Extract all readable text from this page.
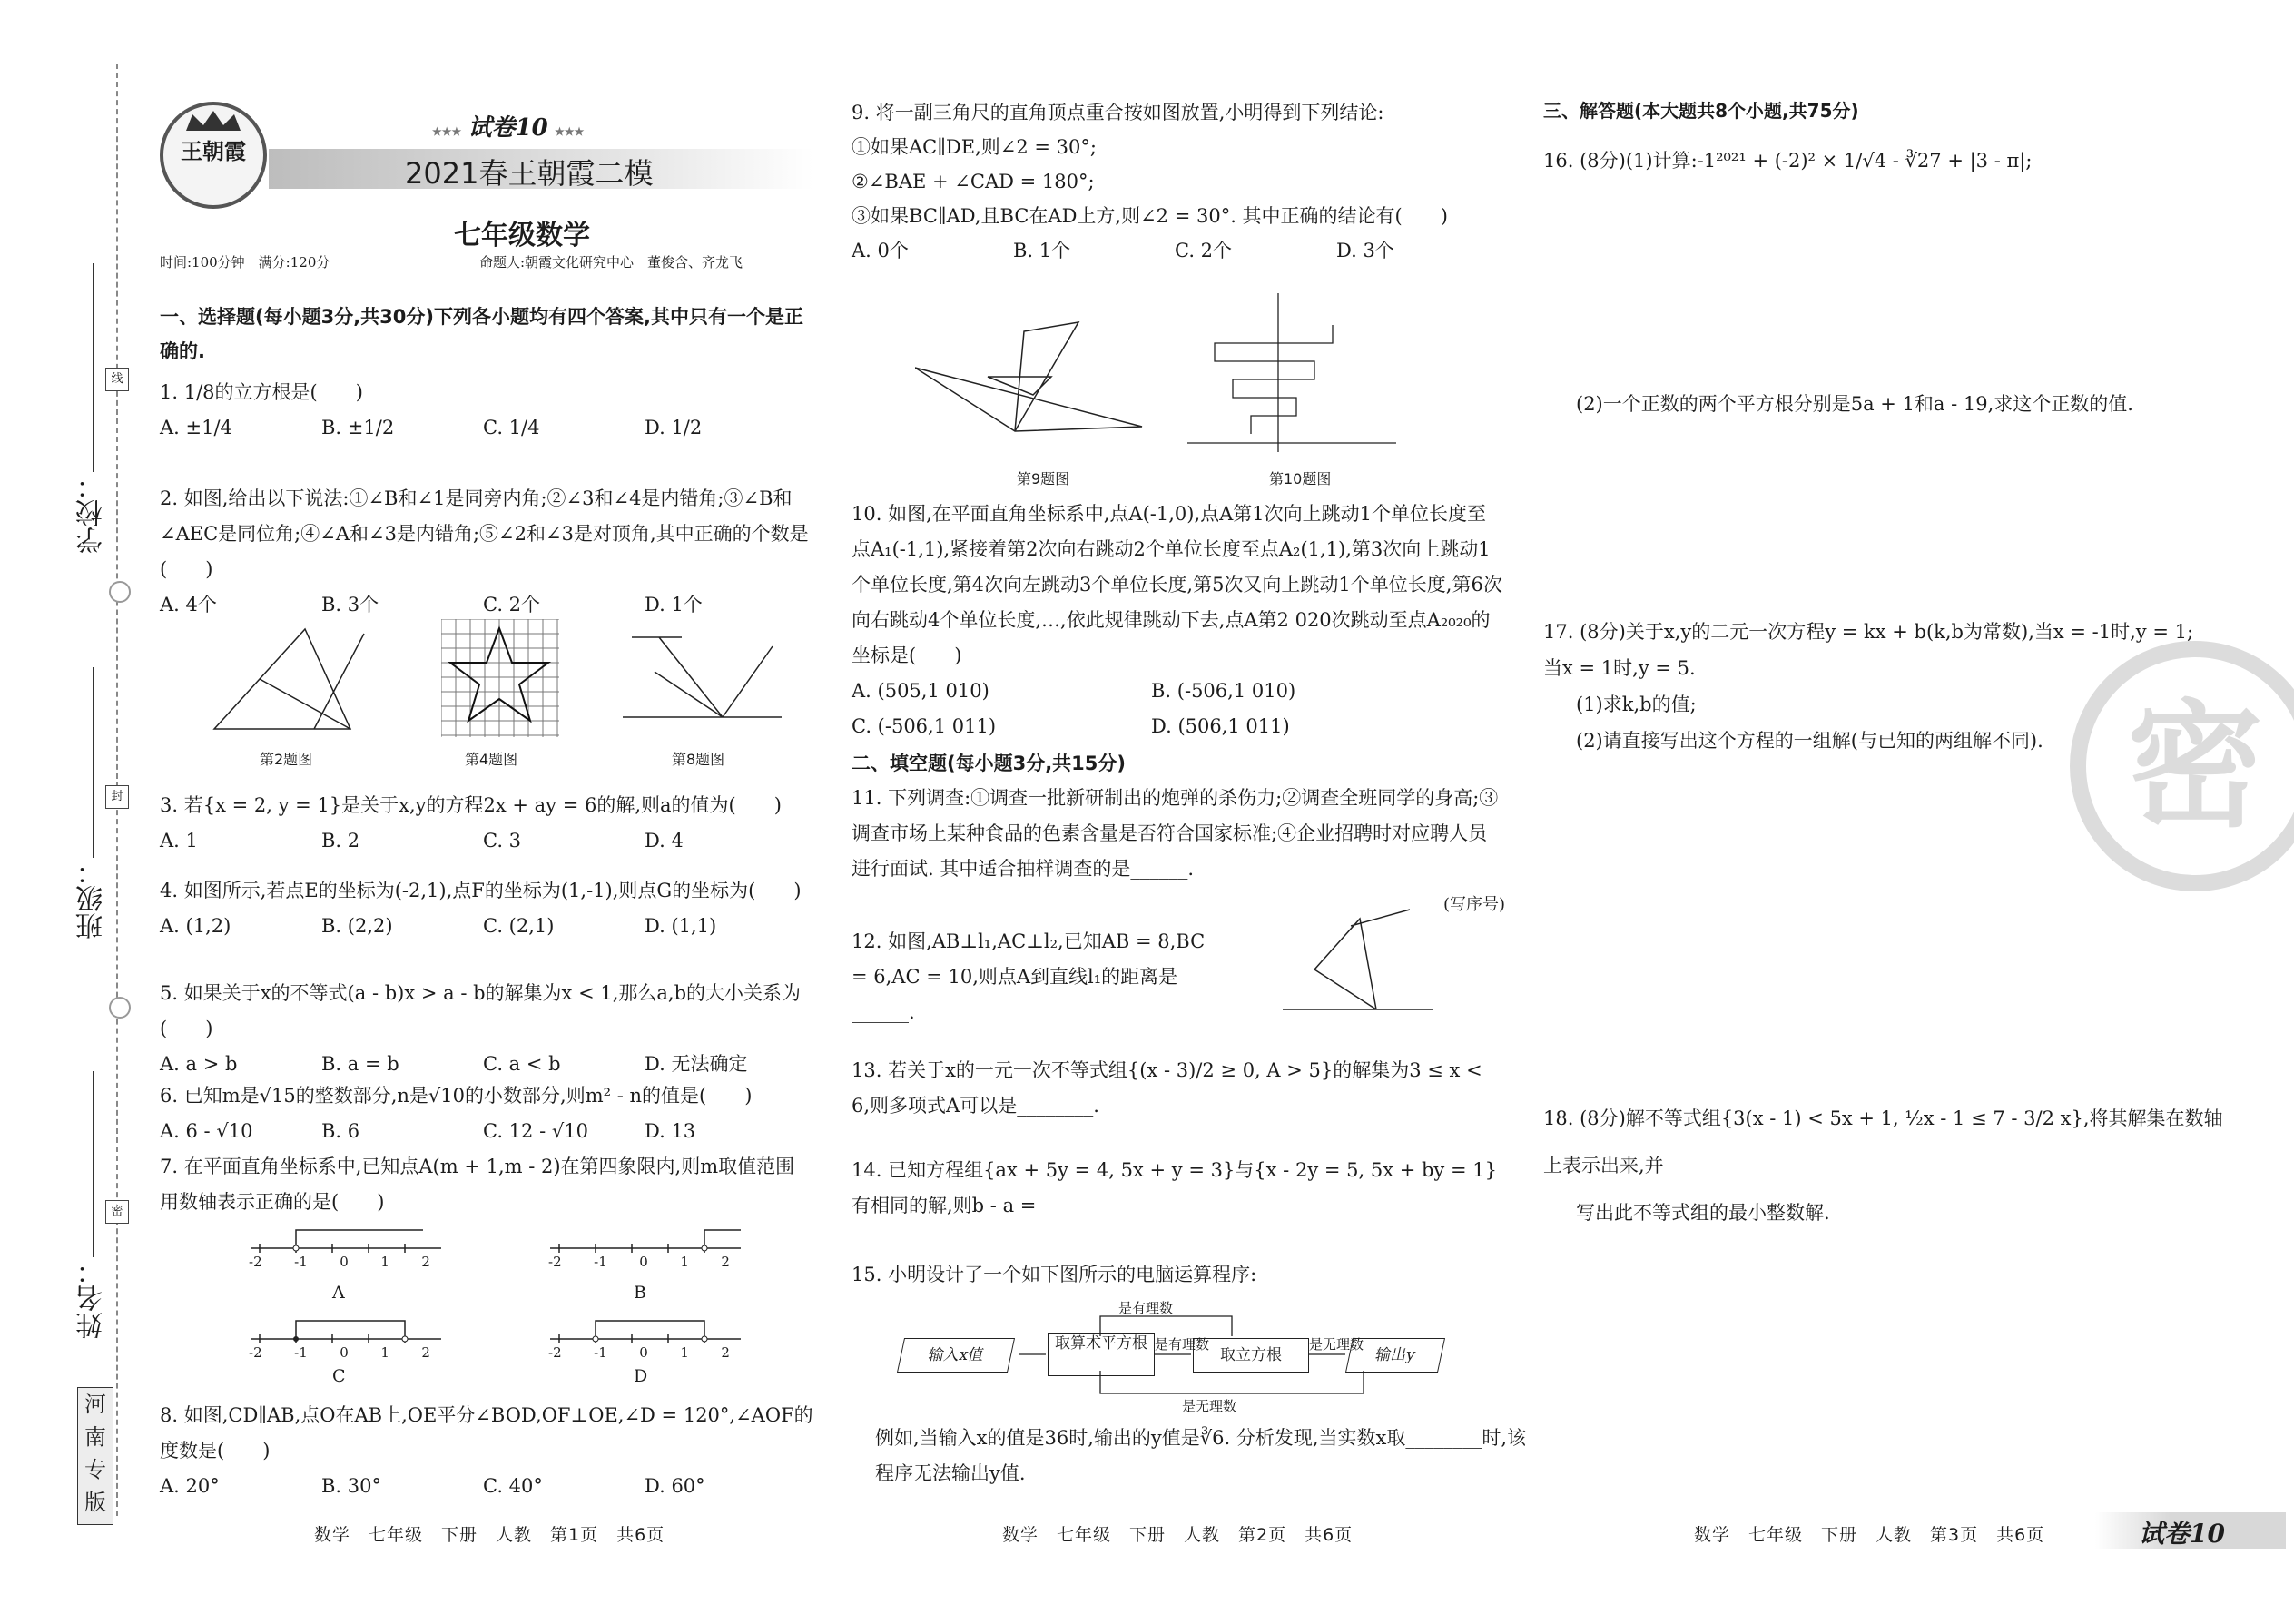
学校：
班级：
姓名：
线
封
密
河
南
专
版
王朝霞
★★★ 试卷10 ★★★
2021春王朝霞二模
七年级数学
时间:100分钟　满分:120分	命题人:朝霞文化研究中心　董俊含、齐龙飞
一、选择题(每小题3分,共30分)下列各小题均有四个答案,其中只有一个是正确的.
1. 1/8的立方根是(　　)
A. ±1/4	B. ±1/2	C. 1/4	D. 1/2
2. 如图,给出以下说法:①∠B和∠1是同旁内角;②∠3和∠4是内错角;③∠B和∠AEC是同位角;④∠A和∠3是内错角;⑤∠2和∠3是对顶角,其中正确的个数是(　　)
A. 4个	B. 3个	C. 2个	D. 1个
第2题图	第4题图	第8题图
3. 若{x = 2, y = 1}是关于x,y的方程2x + ay = 6的解,则a的值为(　　)
A. 1	B. 2	C. 3	D. 4
4. 如图所示,若点E的坐标为(-2,1),点F的坐标为(1,-1),则点G的坐标为(　　)
A. (1,2)	B. (2,2)	C. (2,1)	D. (1,1)
5. 如果关于x的不等式(a - b)x > a - b的解集为x < 1,那么a,b的大小关系为(　　)
A. a > b	B. a = b	C. a < b	D. 无法确定
6. 已知m是√15的整数部分,n是√10的小数部分,则m² - n的值是(　　)
A. 6 - √10	B. 6	C. 12 - √10	D. 13
7. 在平面直角坐标系中,已知点A(m + 1,m - 2)在第四象限内,则m取值范围用数轴表示正确的是(　　)
-2 -1 0 1 2
A
-2 -1 0 1 2
B
-2 -1 0 1 2
C
-2 -1 0 1 2
D
8. 如图,CD∥AB,点O在AB上,OE平分∠BOD,OF⊥OE,∠D = 120°,∠AOF的度数是(　　)
A. 20°	B. 30°	C. 40°	D. 60°
数学　七年级　下册　人教　第1页　共6页
9. 将一副三角尺的直角顶点重合按如图放置,小明得到下列结论:
①如果AC∥DE,则∠2 = 30°;
②∠BAE + ∠CAD = 180°;
③如果BC∥AD,且BC在AD上方,则∠2 = 30°. 其中正确的结论有(　　)
A. 0个	B. 1个	C. 2个	D. 3个
第9题图	第10题图
10. 如图,在平面直角坐标系中,点A(-1,0),点A第1次向上跳动1个单位长度至点A₁(-1,1),紧接着第2次向右跳动2个单位长度至点A₂(1,1),第3次向上跳动1个单位长度,第4次向左跳动3个单位长度,第5次又向上跳动1个单位长度,第6次向右跳动4个单位长度,…,依此规律跳动下去,点A第2 020次跳动至点A₂₀₂₀的坐标是(　　)
A. (505,1 010)	B. (-506,1 010)
C. (-506,1 011)	D. (506,1 011)
二、填空题(每小题3分,共15分)
11. 下列调查:①调查一批新研制出的炮弹的杀伤力;②调查全班同学的身高;③调查市场上某种食品的色素含量是否符合国家标准;④企业招聘时对应聘人员进行面试. 其中适合抽样调查的是______.
(写序号)
12. 如图,AB⊥l₁,AC⊥l₂,已知AB = 8,BC = 6,AC = 10,则点A到直线l₁的距离是______.
13. 若关于x的一元一次不等式组{(x - 3)/2 ≥ 0, A > 5}的解集为3 ≤ x < 6,则多项式A可以是________.
14. 已知方程组{ax + 5y = 4, 5x + y = 3}与{x - 2y = 5, 5x + by = 1}有相同的解,则b - a = ______
15. 小明设计了一个如下图所示的电脑运算程序:
输入x值
取算术平方根
取立方根	输出y
是有理数
是有理数	是无理数
是无理数
例如,当输入x的值是36时,输出的y值是∛6. 分析发现,当实数x取________时,该程序无法输出y值.
数学　七年级　下册　人教　第2页　共6页
三、解答题(本大题共8个小题,共75分)
16. (8分)(1)计算:-1²⁰²¹ + (-2)² × 1/√4 - ∛27 + |3 - π|;
(2)一个正数的两个平方根分别是5a + 1和a - 19,求这个正数的值.
17. (8分)关于x,y的二元一次方程y = kx + b(k,b为常数),当x = -1时,y = 1;当x = 1时,y = 5.
(1)求k,b的值;
(2)请直接写出这个方程的一组解(与已知的两组解不同).
18. (8分)解不等式组{3(x - 1) < 5x + 1, ½x - 1 ≤ 7 - 3/2 x},将其解集在数轴上表示出来,并
写出此不等式组的最小整数解.
密
数学　七年级　下册　人教　第3页　共6页	试卷10
